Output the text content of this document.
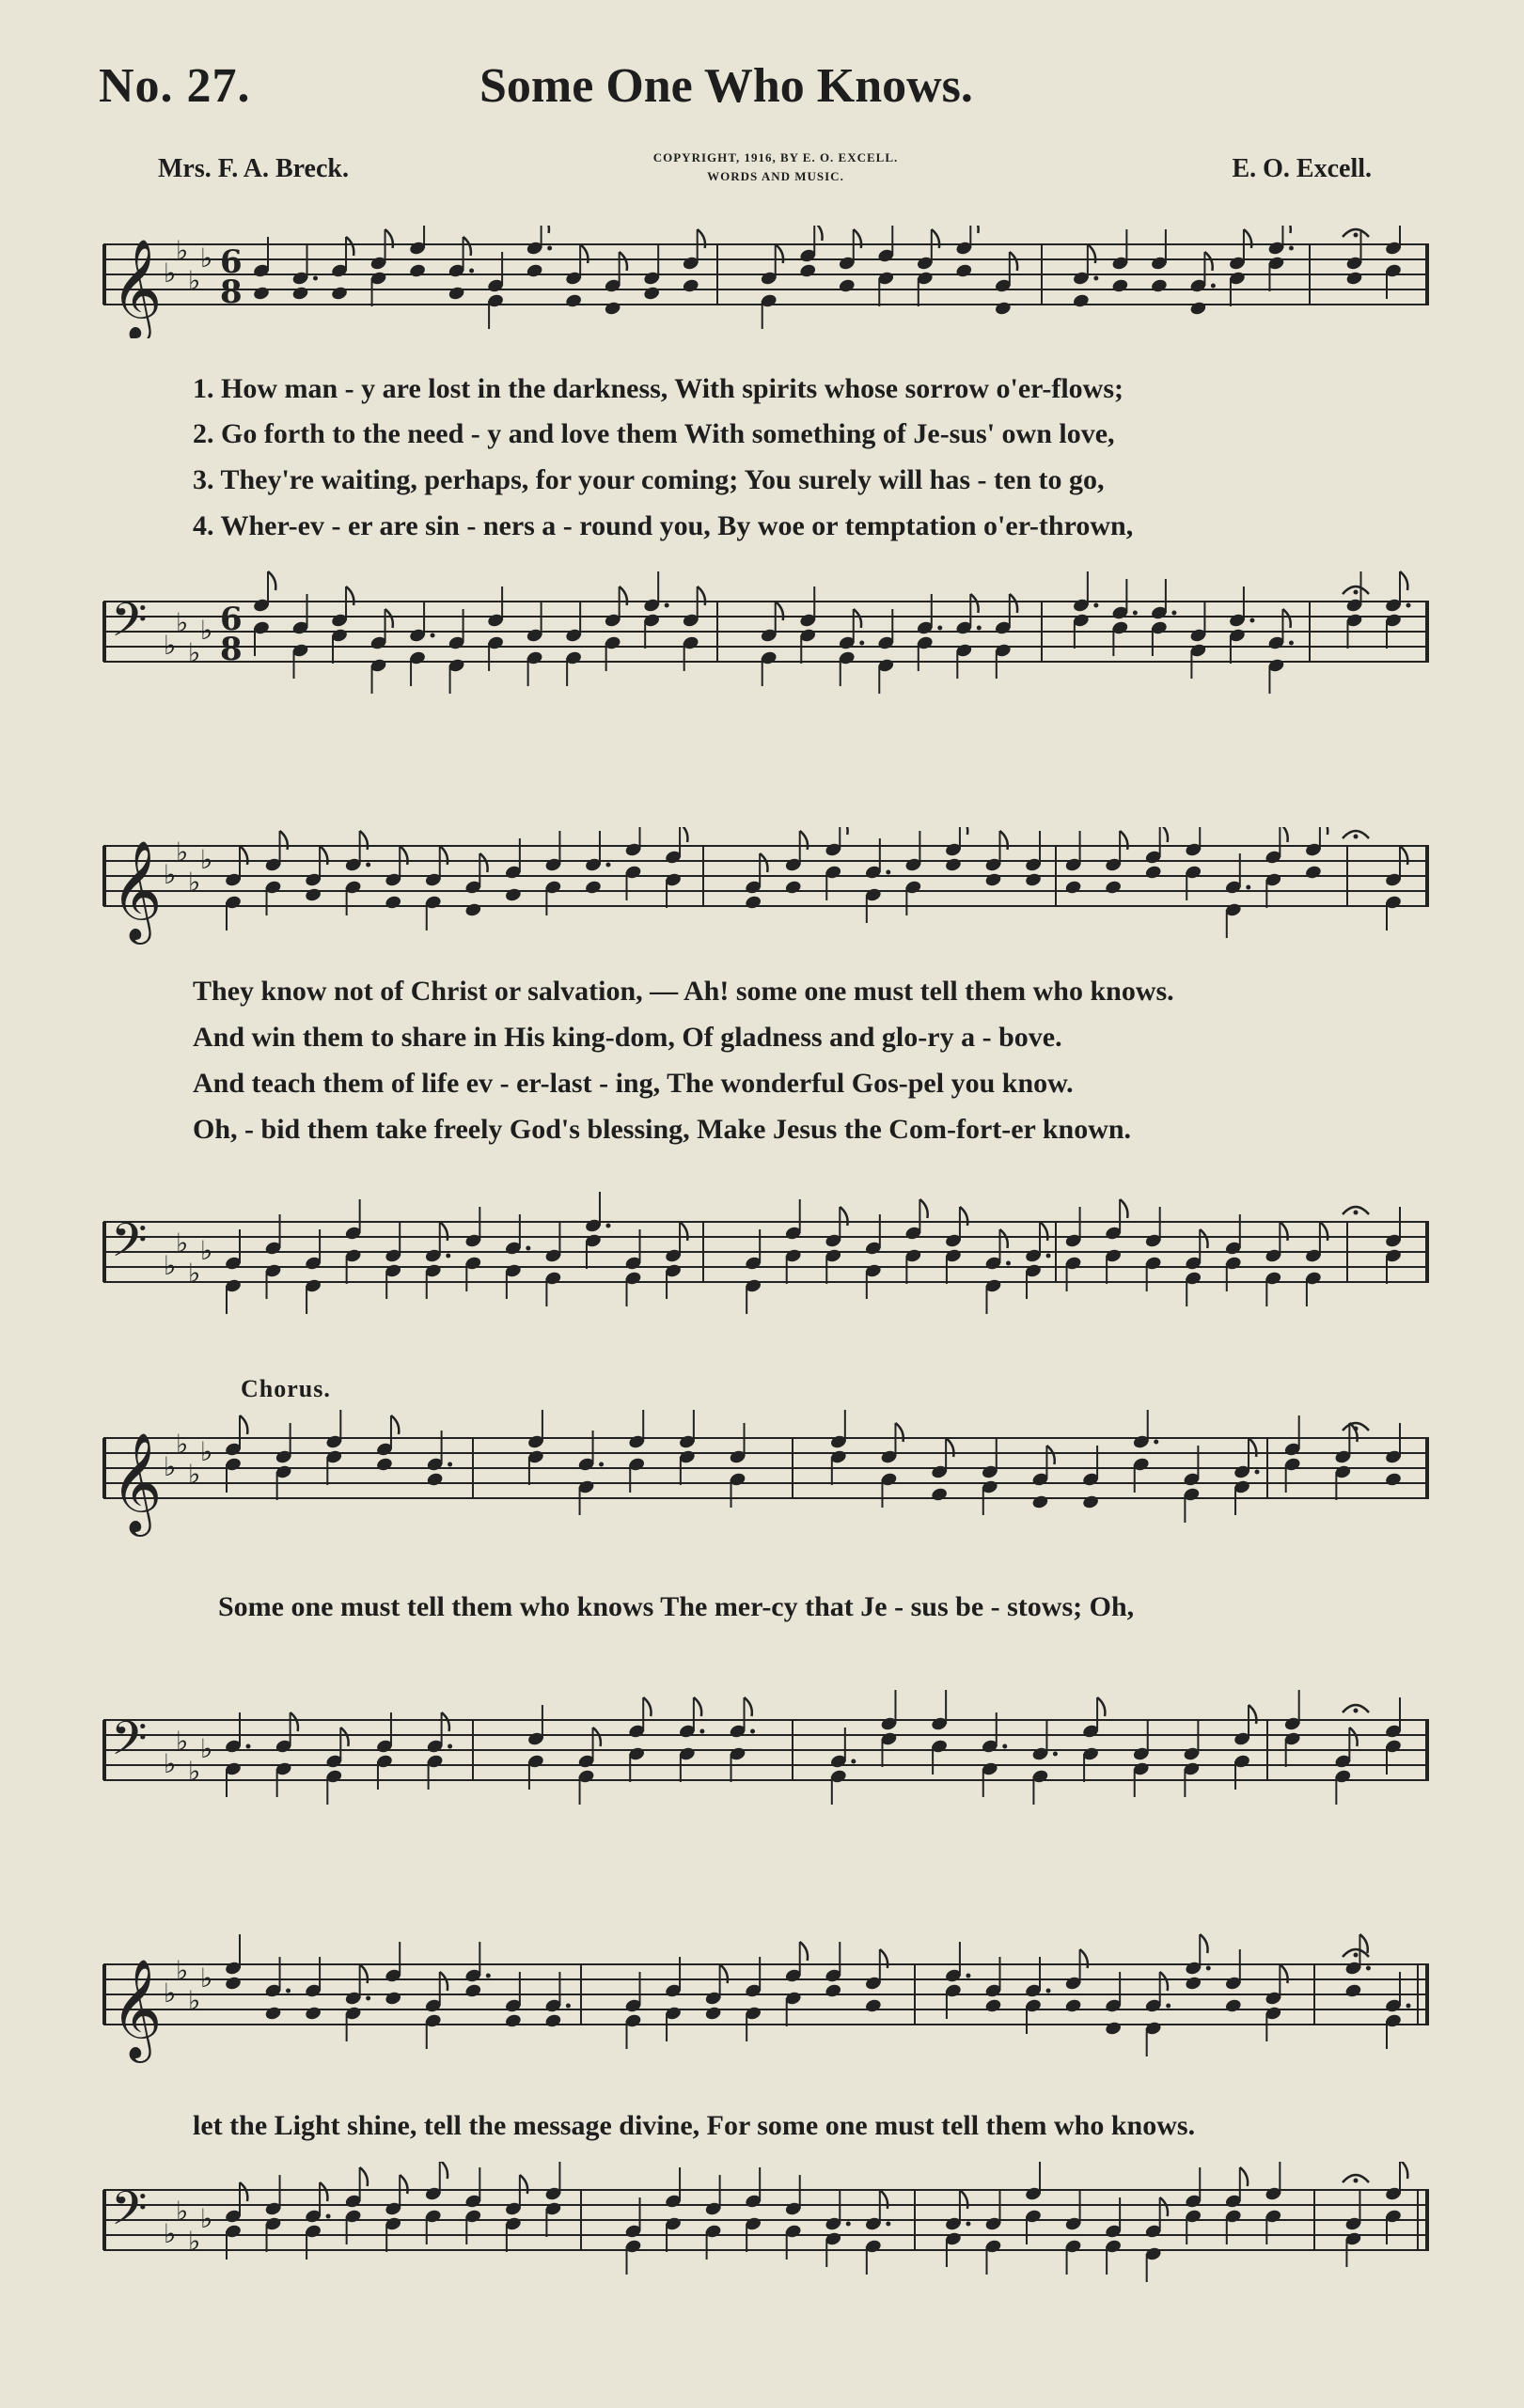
No. 27.	Some One Who Knows.
Mrs. F. A. Breck.	COPYRIGHT, 1916, BY E. O. EXCELL.
WORDS AND MUSIC.	E. O. Excell.
𝄞 ♭
♭
♭
♭ 6
8
1. How man - y are lost in the darkness, With spirits whose sorrow o'er-flows;
2. Go forth to the need - y and love them With something of Je-sus' own love,
3. They're waiting, perhaps, for your coming; You surely will has - ten to go,
4. Wher-ev - er are sin - ners a - round you, By woe or temptation o'er-thrown,
𝄢 ♭
♭
♭
♭ 6
8
𝄞 ♭
♭
♭
♭
They know not of Christ or salvation, — Ah! some one must tell them who knows.
And win them to share in His king-dom, Of gladness and glo-ry a - bove.
And teach them of life ev - er-last - ing, The wonderful Gos-pel you know.
Oh, - bid them take freely God's blessing, Make Jesus the Com-fort-er known.
𝄢 ♭
♭
♭
♭
Chorus.
𝄞 ♭
♭
♭
♭
Some one must tell them who knows The mer-cy that Je - sus be - stows; Oh,
𝄢 ♭
♭
♭
♭
𝄞 ♭
♭
♭
♭
let the Light shine, tell the message divine, For some one must tell them who knows.
𝄢 ♭
♭
♭
♭
